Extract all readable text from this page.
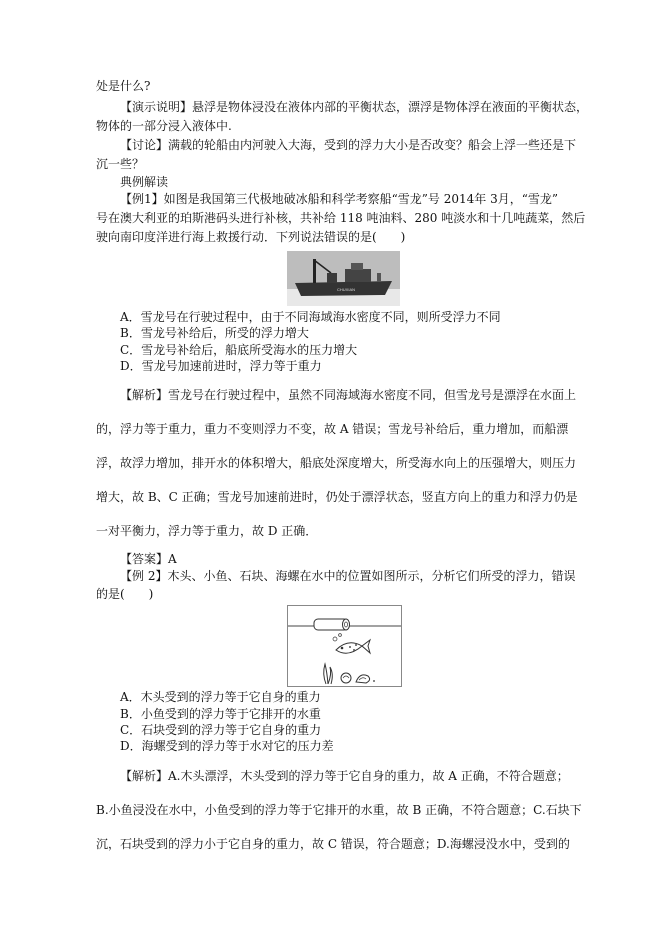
处是什么?
【演示说明】悬浮是物体浸没在液体内部的平衡状态，漂浮是物体浮在液面的平衡状态，
物体的一部分浸入液体中.
【讨论】满载的轮船由内河驶入大海，受到的浮力大小是否改变？船会上浮一些还是下
沉一些？
典例解读
【例1】如图是我国第三代极地破冰船和科学考察船“雪龙”号 2014年 3月，“雪龙”
号在澳大利亚的珀斯港码头进行补核，共补给 118 吨油料、280 吨淡水和十几吨蔬菜，然后
驶向南印度洋进行海上救援行动．下列说法错误的是(　　)
CHUXIAN
A．雪龙号在行驶过程中，由于不同海域海水密度不同，则所受浮力不同
B．雪龙号补给后，所受的浮力增大
C．雪龙号补给后，船底所受海水的压力增大
D．雪龙号加速前进时，浮力等于重力
【解析】雪龙号在行驶过程中，虽然不同海域海水密度不同，但雪龙号是漂浮在水面上
的，浮力等于重力，重力不变则浮力不变，故 A 错误；雪龙号补给后，重力增加，而船漂
浮，故浮力增加，排开水的体积增大，船底处深度增大，所受海水向上的压强增大，则压力
增大，故 B、C 正确；雪龙号加速前进时，仍处于漂浮状态，竖直方向上的重力和浮力仍是
一对平衡力，浮力等于重力，故 D 正确．
【答案】A
【例 2】木头、小鱼、石块、海螺在水中的位置如图所示，分析它们所受的浮力，错误
的是(　　)
A．木头受到的浮力等于它自身的重力
B．小鱼受到的浮力等于它排开的水重
C．石块受到的浮力等于它自身的重力
D．海螺受到的浮力等于水对它的压力差
【解析】A.木头漂浮，木头受到的浮力等于它自身的重力，故 A 正确，不符合题意；
B.小鱼浸没在水中，小鱼受到的浮力等于它排开的水重，故 B 正确，不符合题意；C.石块下
沉，石块受到的浮力小于它自身的重力，故 C 错误，符合题意；D.海螺浸没水中，受到的
